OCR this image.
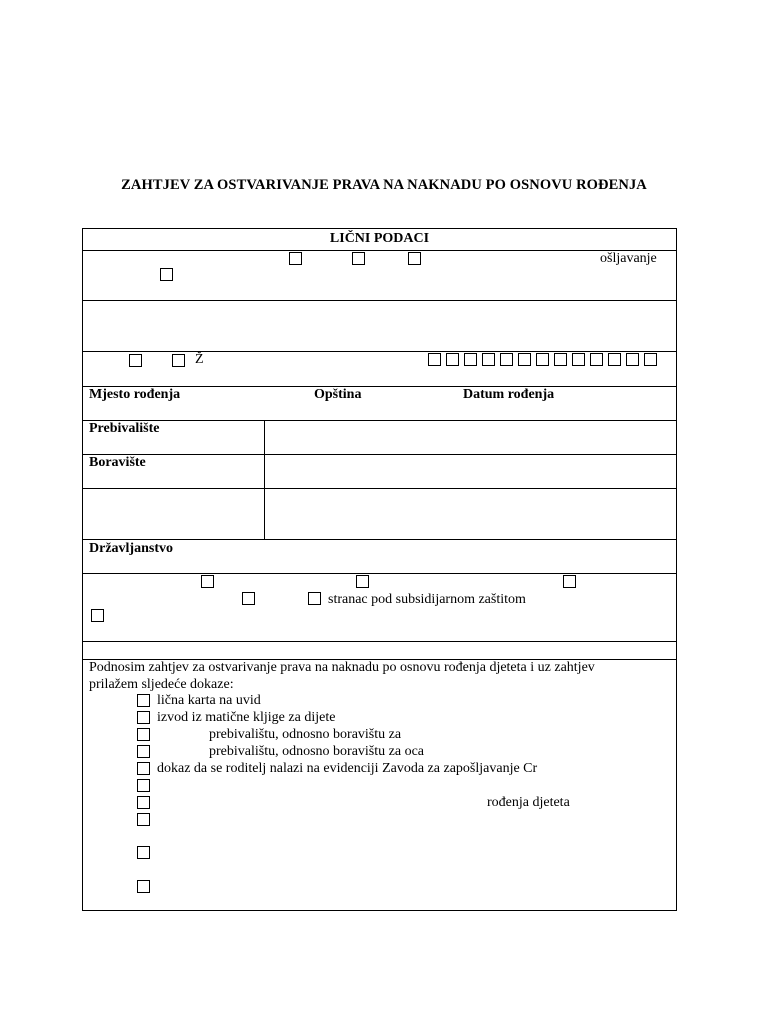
ZAHTJEV ZA OSTVARIVANJE PRAVA NA NAKNADU PO OSNOVU ROĐENJA
LIČNI PODACI
ošljavanje
Ž
Mjesto rođenja	Opština	Datum rođenja
Prebivalište
Boravište
Državljanstvo
stranac pod subsidijarnom zaštitom
Podnosim zahtjev za ostvarivanje prava na naknadu po osnovu rođenja djeteta i uz zahtjev
prilažem sljedeće dokaze:
lična karta na uvid
izvod iz matične kljige za dijete
prebivalištu, odnosno boravištu za
prebivalištu, odnosno boravištu za oca
dokaz da se roditelj nalazi na evidenciji Zavoda za zapošljavanje Cr
rođenja djeteta
